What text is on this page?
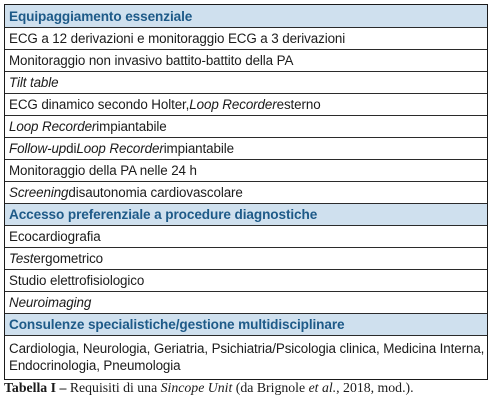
Equipaggiamento essenziale
ECG a 12 derivazioni e monitoraggio ECG a 3 derivazioni
Monitoraggio non invasivo battito-battito della PA
Tilt table
ECG dinamico secondo Holter, Loop Recorder esterno
Loop Recorder impiantabile
Follow-up di Loop Recorder impiantabile
Monitoraggio della PA nelle 24 h
Screening disautonomia cardiovascolare
Accesso preferenziale a procedure diagnostiche
Ecocardiografia
Test ergometrico
Studio elettrofisiologico
Neuroimaging
Consulenze specialistiche/gestione multidisciplinare
Cardiologia, Neurologia, Geriatria, Psichiatria/Psicologia clinica, Medicina Interna, Endocrinologia, Pneumologia
Tabella I – Requisiti di una Sincope Unit (da Brignole et al., 2018, mod.).
